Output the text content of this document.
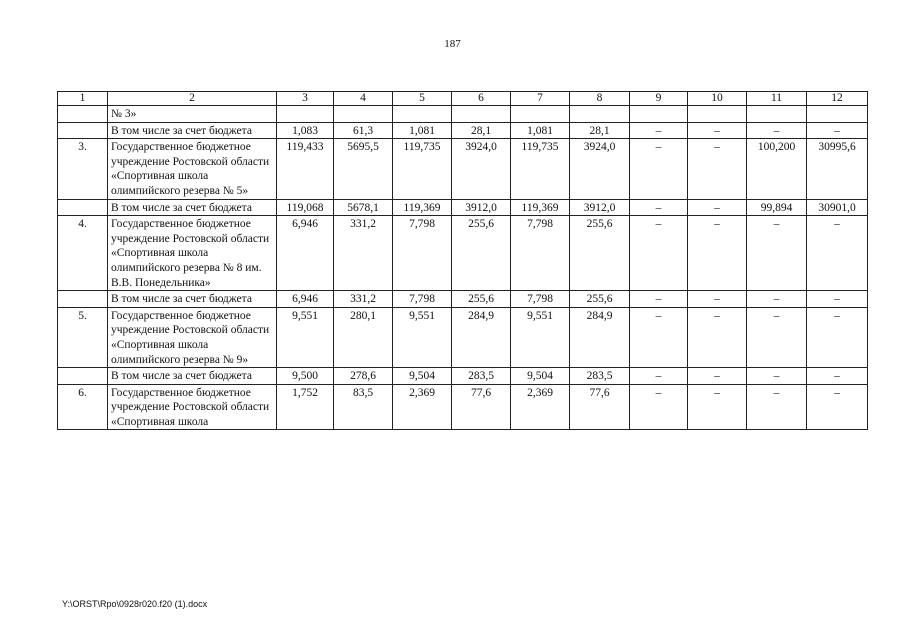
187
1	2	3	4	5	6	7	8	9	10	11	12
	№ 3»										
	В том числе за счет бюджета	1,083	61,3	1,081	28,1	1,081	28,1	–	–	–	–
3.	Государственное бюджетное учреждение Ростовской области «Спортивная школа олимпийского резерва № 5»	119,433	5695,5	119,735	3924,0	119,735	3924,0	–	–	100,200	30995,6
	В том числе за счет бюджета	119,068	5678,1	119,369	3912,0	119,369	3912,0	–	–	99,894	30901,0
4.	Государственное бюджетное учреждение Ростовской области «Спортивная школа олимпийского резерва № 8 им. В.В. Понедельника»	6,946	331,2	7,798	255,6	7,798	255,6	–	–	–	–
	В том числе за счет бюджета	6,946	331,2	7,798	255,6	7,798	255,6	–	–	–	–
5.	Государственное бюджетное учреждение Ростовской области «Спортивная школа олимпийского резерва № 9»	9,551	280,1	9,551	284,9	9,551	284,9	–	–	–	–
	В том числе за счет бюджета	9,500	278,6	9,504	283,5	9,504	283,5	–	–	–	–
6.	Государственное бюджетное учреждение Ростовской области «Спортивная школа	1,752	83,5	2,369	77,6	2,369	77,6	–	–	–	–
Y:\ORST\Rpo\0928r020.f20 (1).docx
